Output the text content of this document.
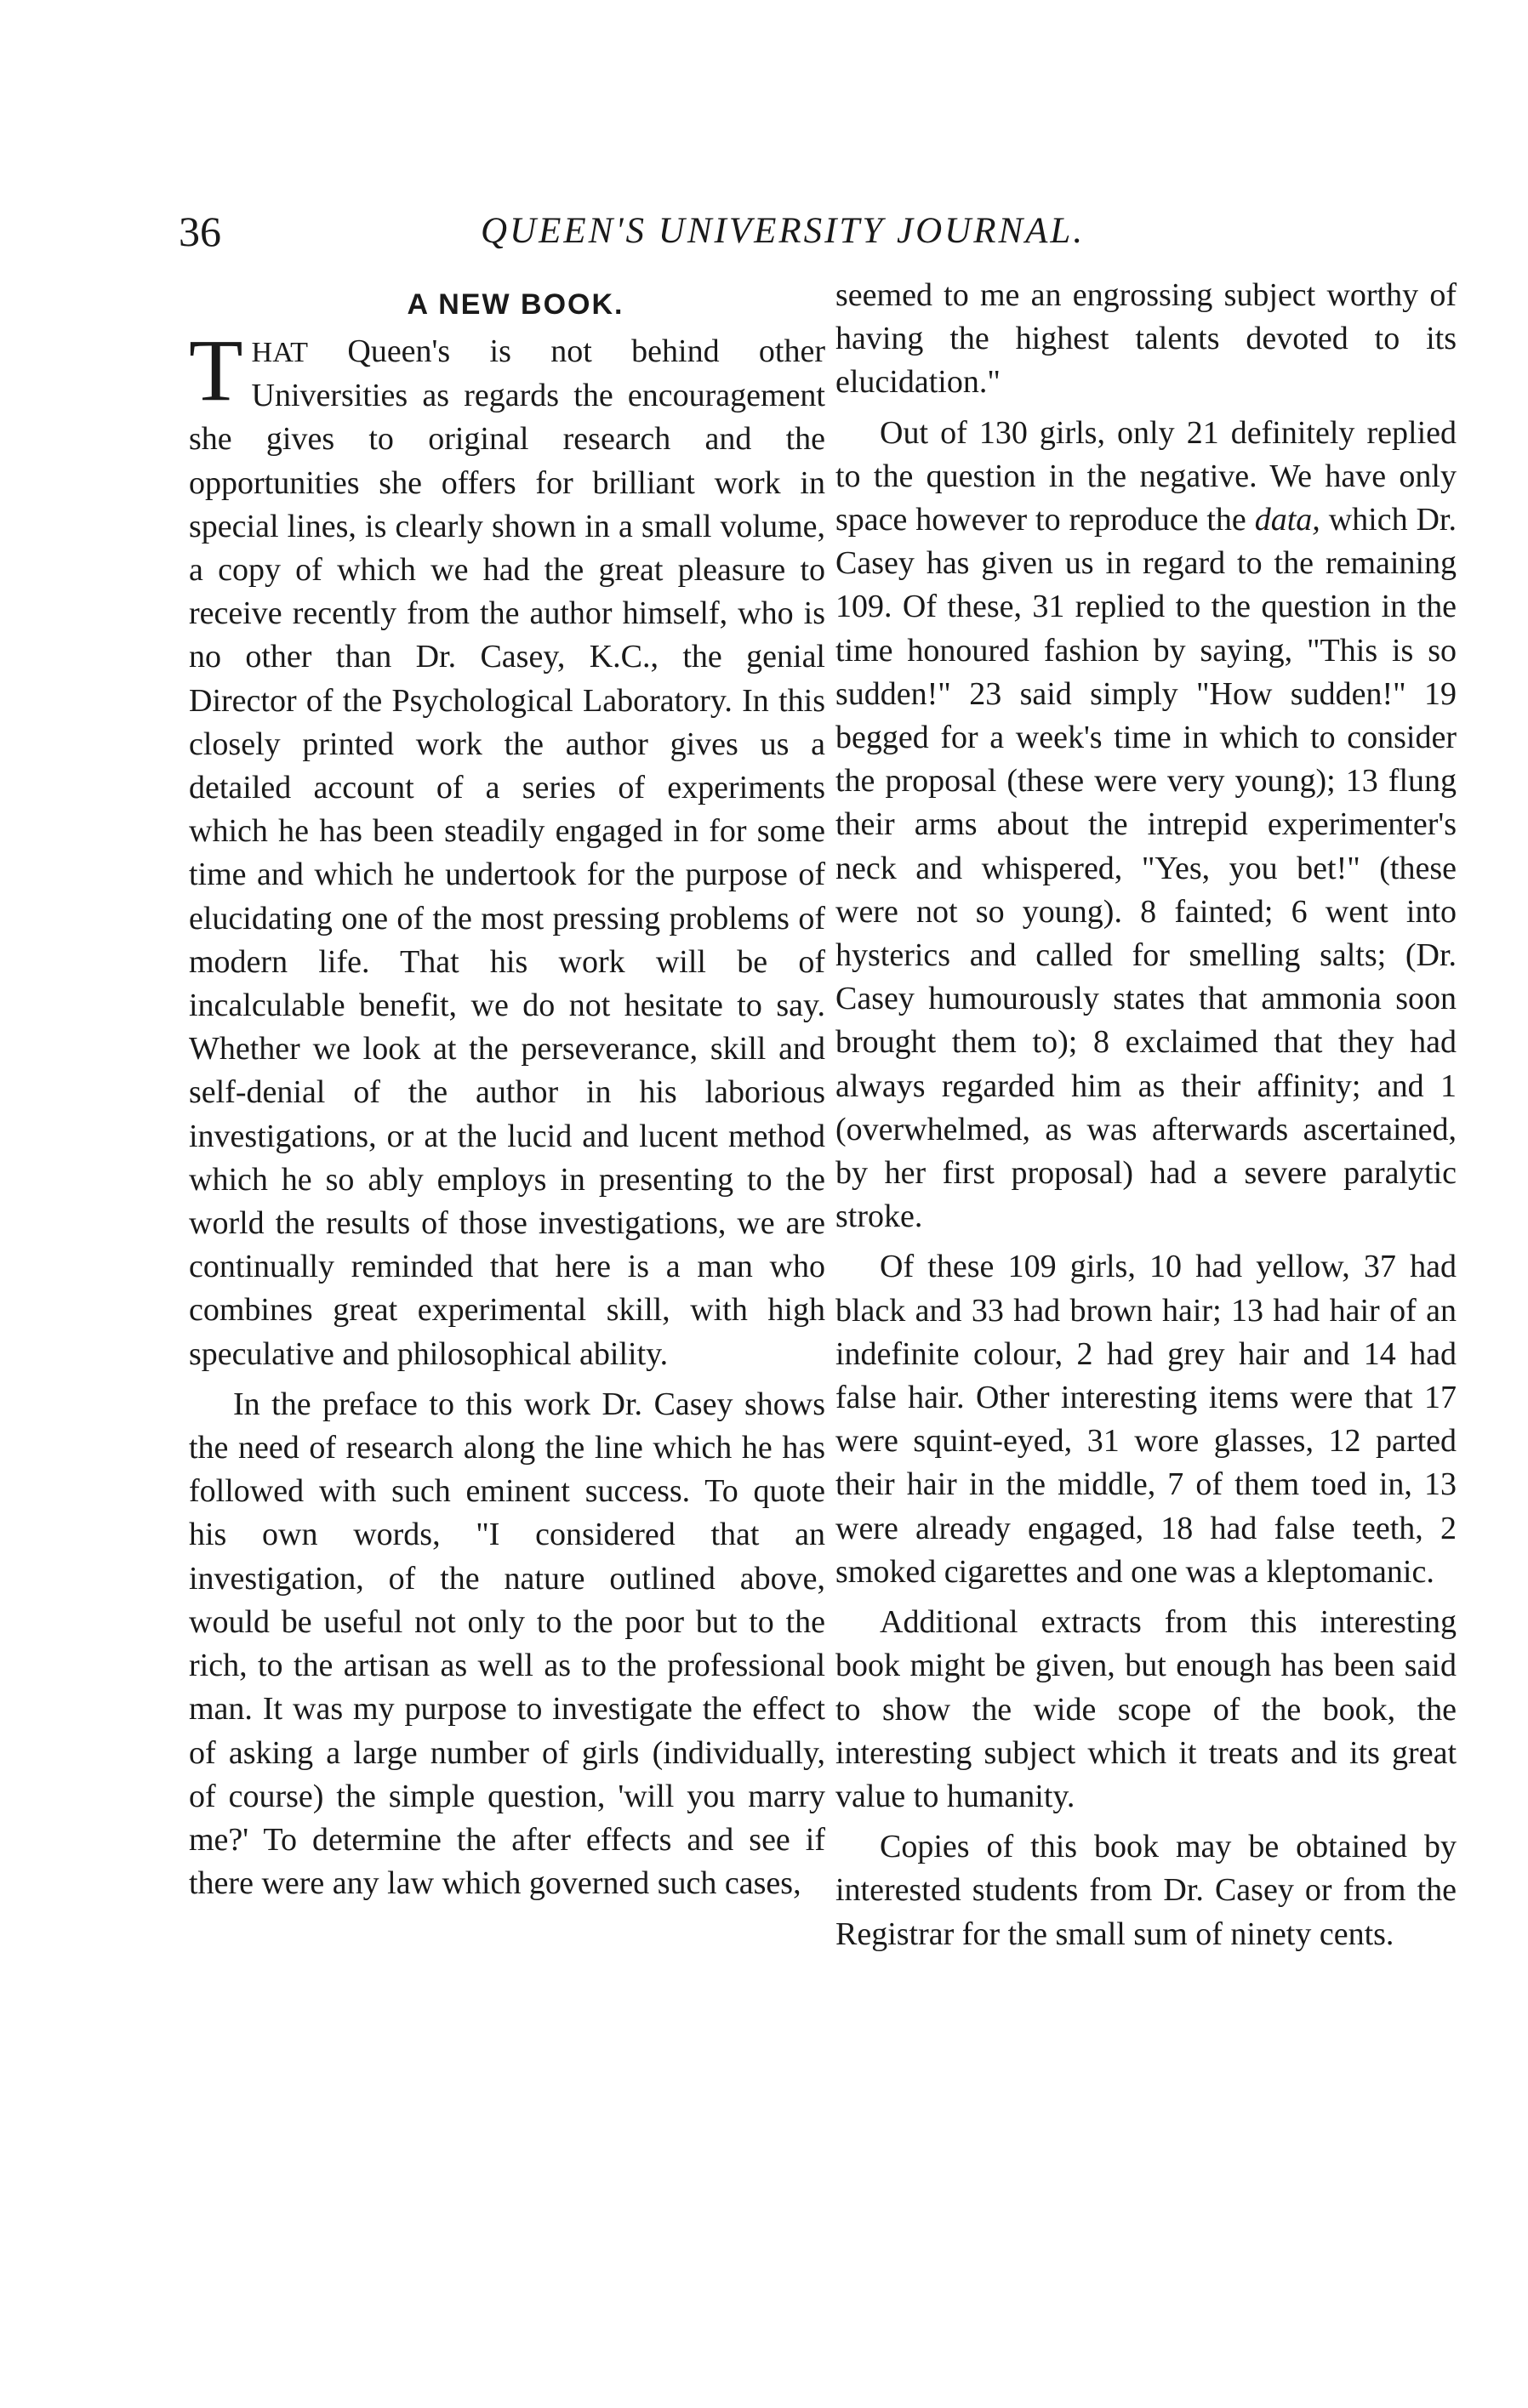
36	QUEEN'S UNIVERSITY JOURNAL.
A NEW BOOK.

THAT Queen's is not behind other Universities as regards the encouragement she gives to original research and the opportunities she offers for brilliant work in special lines, is clearly shown in a small volume, a copy of which we had the great pleasure to receive recently from the author himself, who is no other than Dr. Casey, K.C., the genial Director of the Psychological Laboratory. In this closely printed work the author gives us a detailed account of a series of experiments which he has been steadily engaged in for some time and which he undertook for the purpose of elucidating one of the most pressing problems of modern life. That his work will be of incalculable benefit, we do not hesitate to say. Whether we look at the perseverance, skill and self-denial of the author in his laborious investigations, or at the lucid and lucent method which he so ably employs in presenting to the world the results of those investigations, we are continually reminded that here is a man who combines great experimental skill, with high speculative and philosophical ability.

In the preface to this work Dr. Casey shows the need of research along the line which he has followed with such eminent success. To quote his own words, "I considered that an investigation, of the nature outlined above, would be useful not only to the poor but to the rich, to the artisan as well as to the professional man. It was my purpose to investigate the effect of asking a large number of girls (individually, of course) the simple question, 'will you marry me?' To determine the after effects and see if there were any law which governed such cases,

seemed to me an engrossing subject worthy of having the highest talents devoted to its elucidation."

Out of 130 girls, only 21 definitely replied to the question in the negative. We have only space however to reproduce the data, which Dr. Casey has given us in regard to the remaining 109. Of these, 31 replied to the question in the time honoured fashion by saying, "This is so sudden!" 23 said simply "How sudden!" 19 begged for a week's time in which to consider the proposal (these were very young); 13 flung their arms about the intrepid experimenter's neck and whispered, "Yes, you bet!" (these were not so young). 8 fainted; 6 went into hysterics and called for smelling salts; (Dr. Casey humourously states that ammonia soon brought them to); 8 exclaimed that they had always regarded him as their affinity; and 1 (overwhelmed, as was afterwards ascertained, by her first proposal) had a severe paralytic stroke.

Of these 109 girls, 10 had yellow, 37 had black and 33 had brown hair; 13 had hair of an indefinite colour, 2 had grey hair and 14 had false hair. Other interesting items were that 17 were squint-eyed, 31 wore glasses, 12 parted their hair in the middle, 7 of them toed in, 13 were already engaged, 18 had false teeth, 2 smoked cigarettes and one was a kleptomanic.

Additional extracts from this interesting book might be given, but enough has been said to show the wide scope of the book, the interesting subject which it treats and its great value to humanity.

Copies of this book may be obtained by interested students from Dr. Casey or from the Registrar for the small sum of ninety cents.
